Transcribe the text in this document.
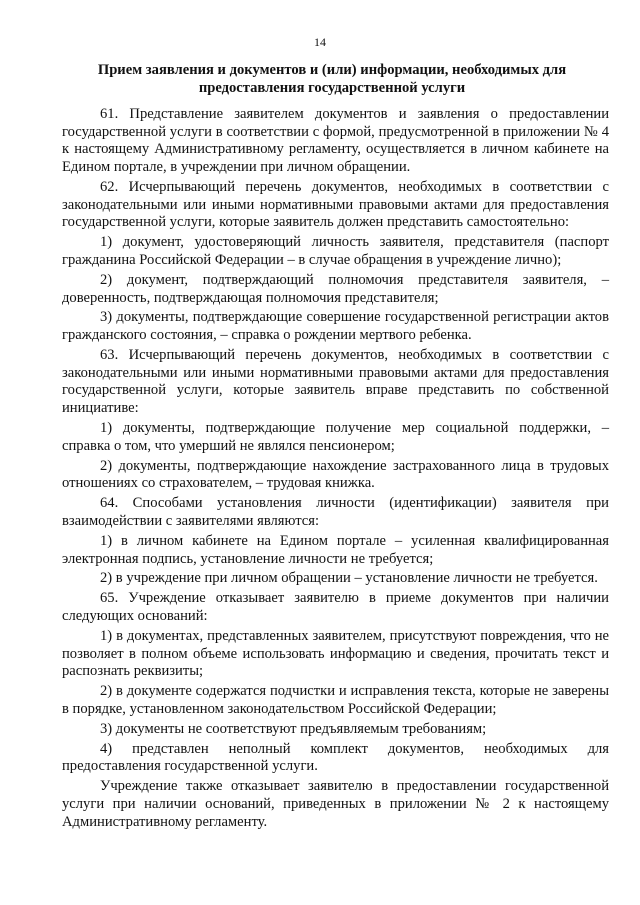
14
Прием заявления и документов и (или) информации, необходимых для
предоставления государственной услуги

61. Представление заявителем документов и заявления о предоставлении государственной услуги в соответствии с формой, предусмотренной в приложении № 4 к настоящему Административному регламенту, осуществляется в личном кабинете на Едином портале, в учреждении при личном обращении.

62. Исчерпывающий перечень документов, необходимых в соответствии с законодательными или иными нормативными правовыми актами для предоставления государственной услуги, которые заявитель должен представить самостоятельно:

1) документ, удостоверяющий личность заявителя, представителя (паспорт гражданина Российской Федерации – в случае обращения в учреждение лично);

2) документ, подтверждающий полномочия представителя заявителя, – доверенность, подтверждающая полномочия представителя;

3) документы, подтверждающие совершение государственной регистрации актов гражданского состояния, – справка о рождении мертвого ребенка.

63. Исчерпывающий перечень документов, необходимых в соответствии с законодательными или иными нормативными правовыми актами для предоставления государственной услуги, которые заявитель вправе представить по собственной инициативе:

1) документы, подтверждающие получение мер социальной поддержки, – справка о том, что умерший не являлся пенсионером;

2) документы, подтверждающие нахождение застрахованного лица в трудовых отношениях со страхователем, – трудовая книжка.

64. Способами установления личности (идентификации) заявителя при взаимодействии с заявителями являются:

1) в личном кабинете на Едином портале – усиленная квалифицированная электронная подпись, установление личности не требуется;

2) в учреждение при личном обращении – установление личности не требуется.

65. Учреждение отказывает заявителю в приеме документов при наличии следующих оснований:

1) в документах, представленных заявителем, присутствуют повреждения, что не позволяет в полном объеме использовать информацию и сведения, прочитать текст и распознать реквизиты;

2) в документе содержатся подчистки и исправления текста, которые не заверены в порядке, установленном законодательством Российской Федерации;

3) документы не соответствуют предъявляемым требованиям;

4) представлен неполный комплект документов, необходимых для предоставления государственной услуги.

Учреждение также отказывает заявителю в предоставлении государственной услуги при наличии оснований, приведенных в приложении № 2 к настоящему Административному регламенту.
